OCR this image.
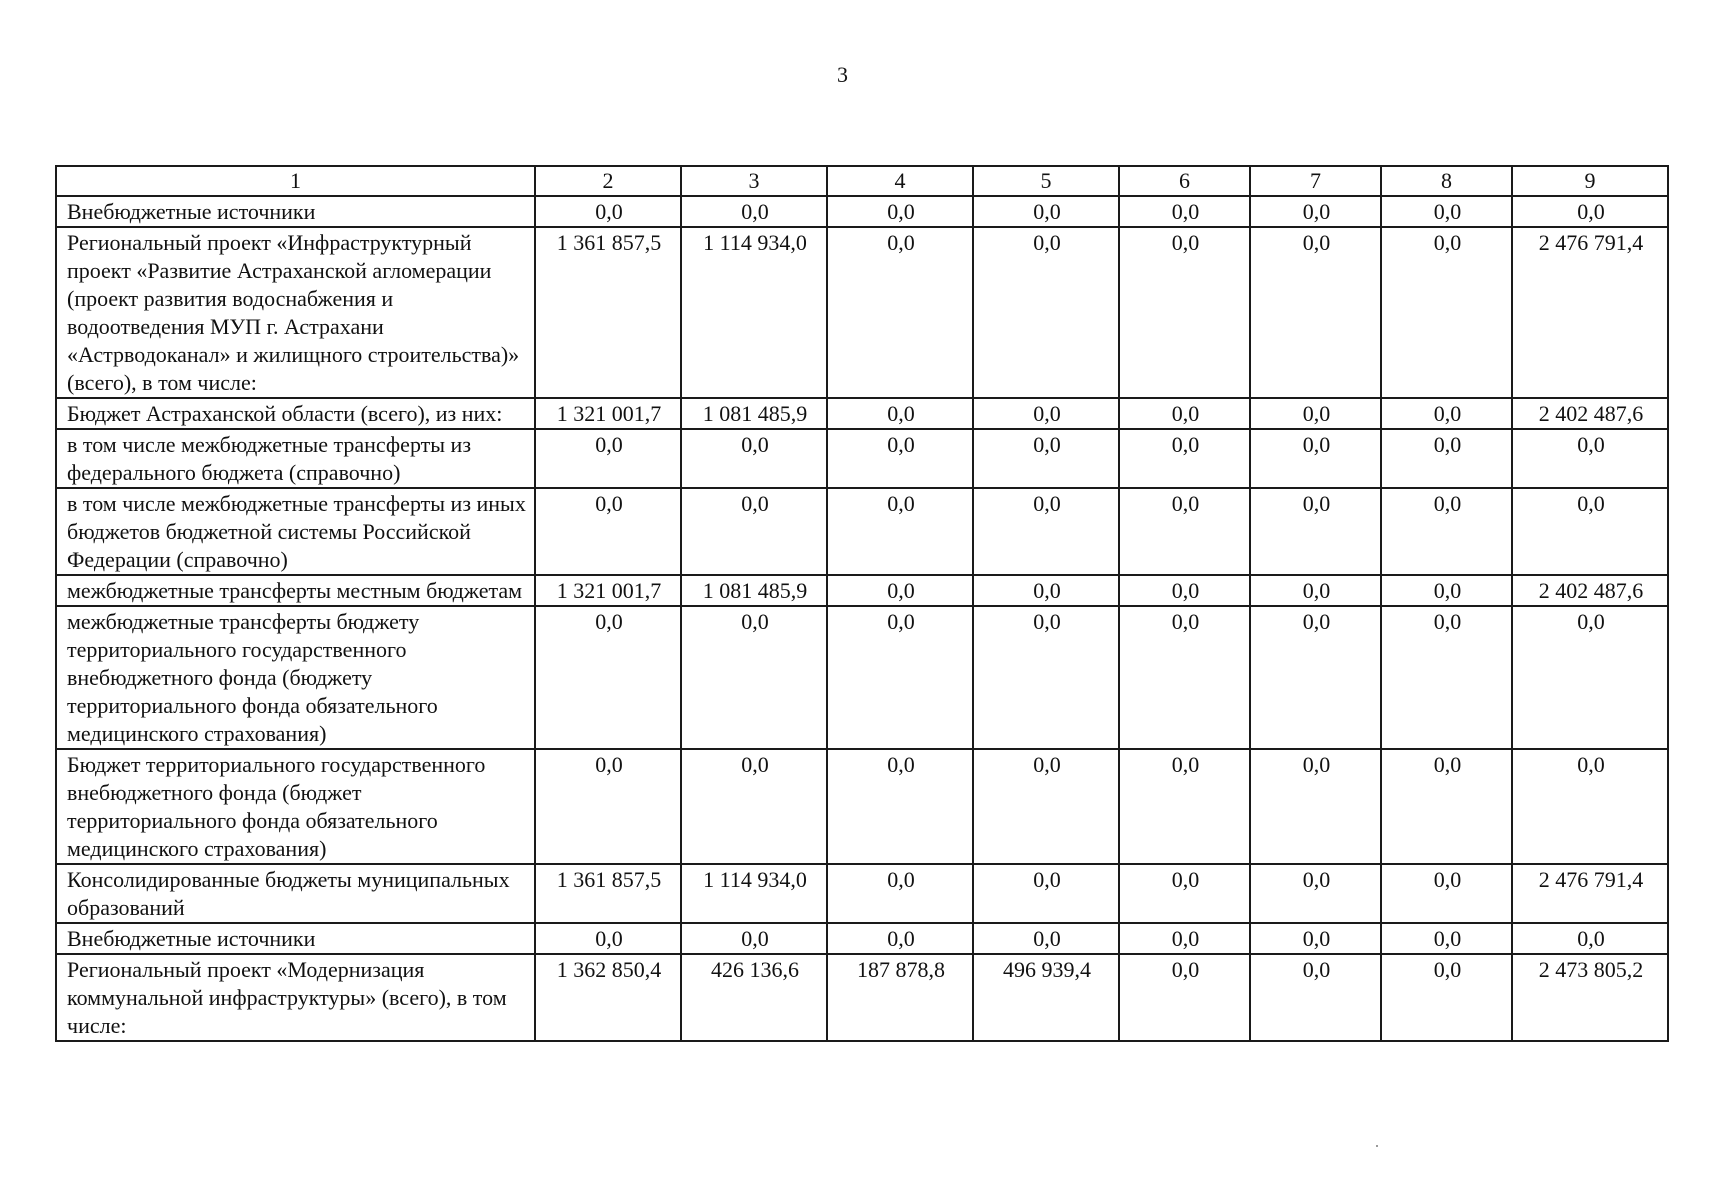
3
1	2	3	4	5	6	7	8	9
Внебюджетные источники	0,0	0,0	0,0	0,0	0,0	0,0	0,0	0,0
Региональный проект «Инфраструктурный проект «Развитие Астраханской агломерации (проект развития водоснабжения и водоотведения МУП г. Астрахани «Астрводоканал» и жилищного строительства)» (всего), в том числе:	1 361 857,5	1 114 934,0	0,0	0,0	0,0	0,0	0,0	2 476 791,4
Бюджет Астраханской области (всего), из них:	1 321 001,7	1 081 485,9	0,0	0,0	0,0	0,0	0,0	2 402 487,6
в том числе межбюджетные трансферты из федерального бюджета (справочно)	0,0	0,0	0,0	0,0	0,0	0,0	0,0	0,0
в том числе межбюджетные трансферты из иных бюджетов бюджетной системы Российской Федерации (справочно)	0,0	0,0	0,0	0,0	0,0	0,0	0,0	0,0
межбюджетные трансферты местным бюджетам	1 321 001,7	1 081 485,9	0,0	0,0	0,0	0,0	0,0	2 402 487,6
межбюджетные трансферты бюджету территориального государственного внебюджетного фонда (бюджету территориального фонда обязательного медицинского страхования)	0,0	0,0	0,0	0,0	0,0	0,0	0,0	0,0
Бюджет территориального государственного внебюджетного фонда (бюджет территориального фонда обязательного медицинского страхования)	0,0	0,0	0,0	0,0	0,0	0,0	0,0	0,0
Консолидированные бюджеты муниципальных образований	1 361 857,5	1 114 934,0	0,0	0,0	0,0	0,0	0,0	2 476 791,4
Внебюджетные источники	0,0	0,0	0,0	0,0	0,0	0,0	0,0	0,0
Региональный проект «Модернизация коммунальной инфраструктуры» (всего), в том числе:	1 362 850,4	426 136,6	187 878,8	496 939,4	0,0	0,0	0,0	2 473 805,2
